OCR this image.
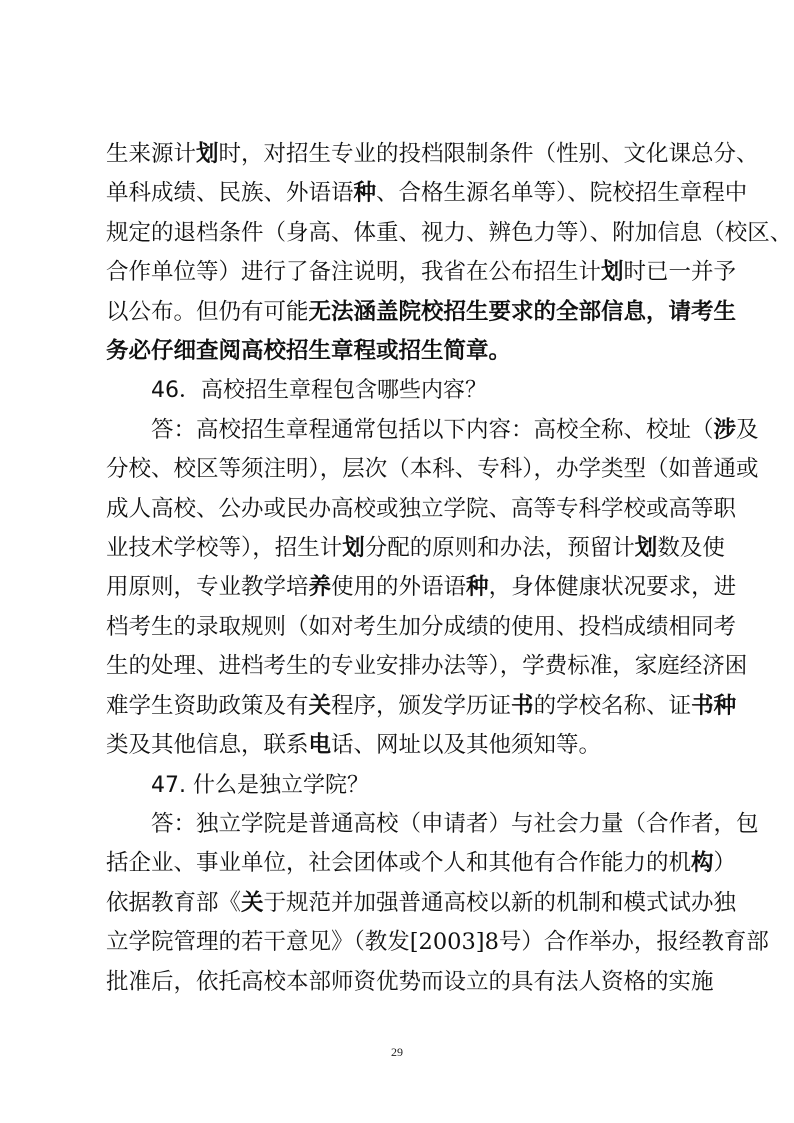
生来源计划时，对招生专业的投档限制条件（性别、文化课总分、
单科成绩、民族、外语语种、合格生源名单等）、院校招生章程中
规定的退档条件（身高、体重、视力、辨色力等）、附加信息（校区、
合作单位等）进行了备注说明，我省在公布招生计划时已一并予
以公布。但仍有可能无法涵盖院校招生要求的全部信息，请考生
务必仔细查阅高校招生章程或招生简章。
46．高校招生章程包含哪些内容？
答：高校招生章程通常包括以下内容：高校全称、校址（涉及
分校、校区等须注明），层次（本科、专科），办学类型（如普通或
成人高校、公办或民办高校或独立学院、高等专科学校或高等职
业技术学校等），招生计划分配的原则和办法，预留计划数及使
用原则，专业教学培养使用的外语语种，身体健康状况要求，进
档考生的录取规则（如对考生加分成绩的使用、投档成绩相同考
生的处理、进档考生的专业安排办法等），学费标准，家庭经济困
难学生资助政策及有关程序，颁发学历证书的学校名称、证书种
类及其他信息，联系电话、网址以及其他须知等。
47. 什么是独立学院？
答：独立学院是普通高校（申请者）与社会力量（合作者，包
括企业、事业单位，社会团体或个人和其他有合作能力的机构）
依据教育部《关于规范并加强普通高校以新的机制和模式试办独
立学院管理的若干意见》（教发[2003]8号）合作举办，报经教育部
批准后，依托高校本部师资优势而设立的具有法人资格的实施
29
